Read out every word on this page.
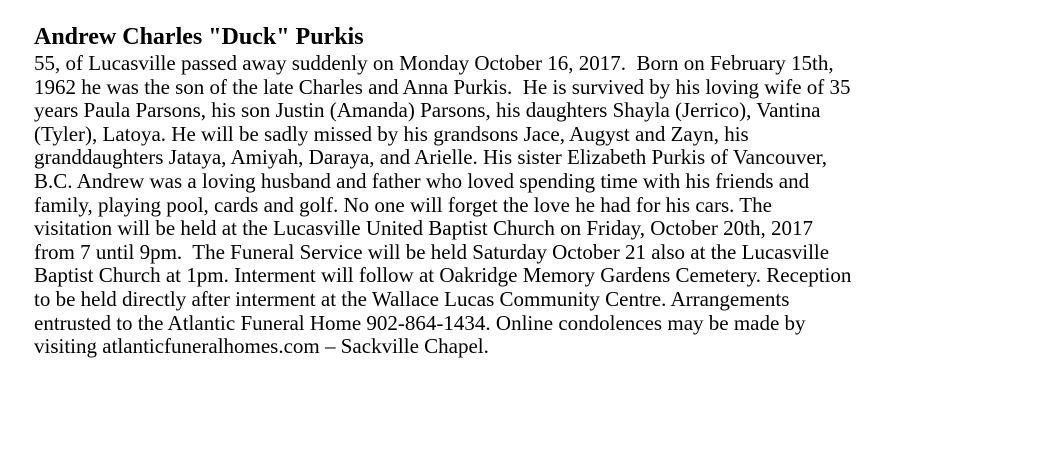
Andrew Charles "Duck" Purkis
55, of Lucasville passed away suddenly on Monday October 16, 2017.  Born on February 15th,
1962 he was the son of the late Charles and Anna Purkis.  He is survived by his loving wife of 35
years Paula Parsons, his son Justin (Amanda) Parsons, his daughters Shayla (Jerrico), Vantina
(Tyler), Latoya. He will be sadly missed by his grandsons Jace, Augyst and Zayn, his
granddaughters Jataya, Amiyah, Daraya, and Arielle. His sister Elizabeth Purkis of Vancouver,
B.C. Andrew was a loving husband and father who loved spending time with his friends and
family, playing pool, cards and golf. No one will forget the love he had for his cars. The
visitation will be held at the Lucasville United Baptist Church on Friday, October 20th, 2017
from 7 until 9pm.  The Funeral Service will be held Saturday October 21 also at the Lucasville
Baptist Church at 1pm. Interment will follow at Oakridge Memory Gardens Cemetery. Reception
to be held directly after interment at the Wallace Lucas Community Centre. Arrangements
entrusted to the Atlantic Funeral Home 902-864-1434. Online condolences may be made by
visiting atlanticfuneralhomes.com – Sackville Chapel.
